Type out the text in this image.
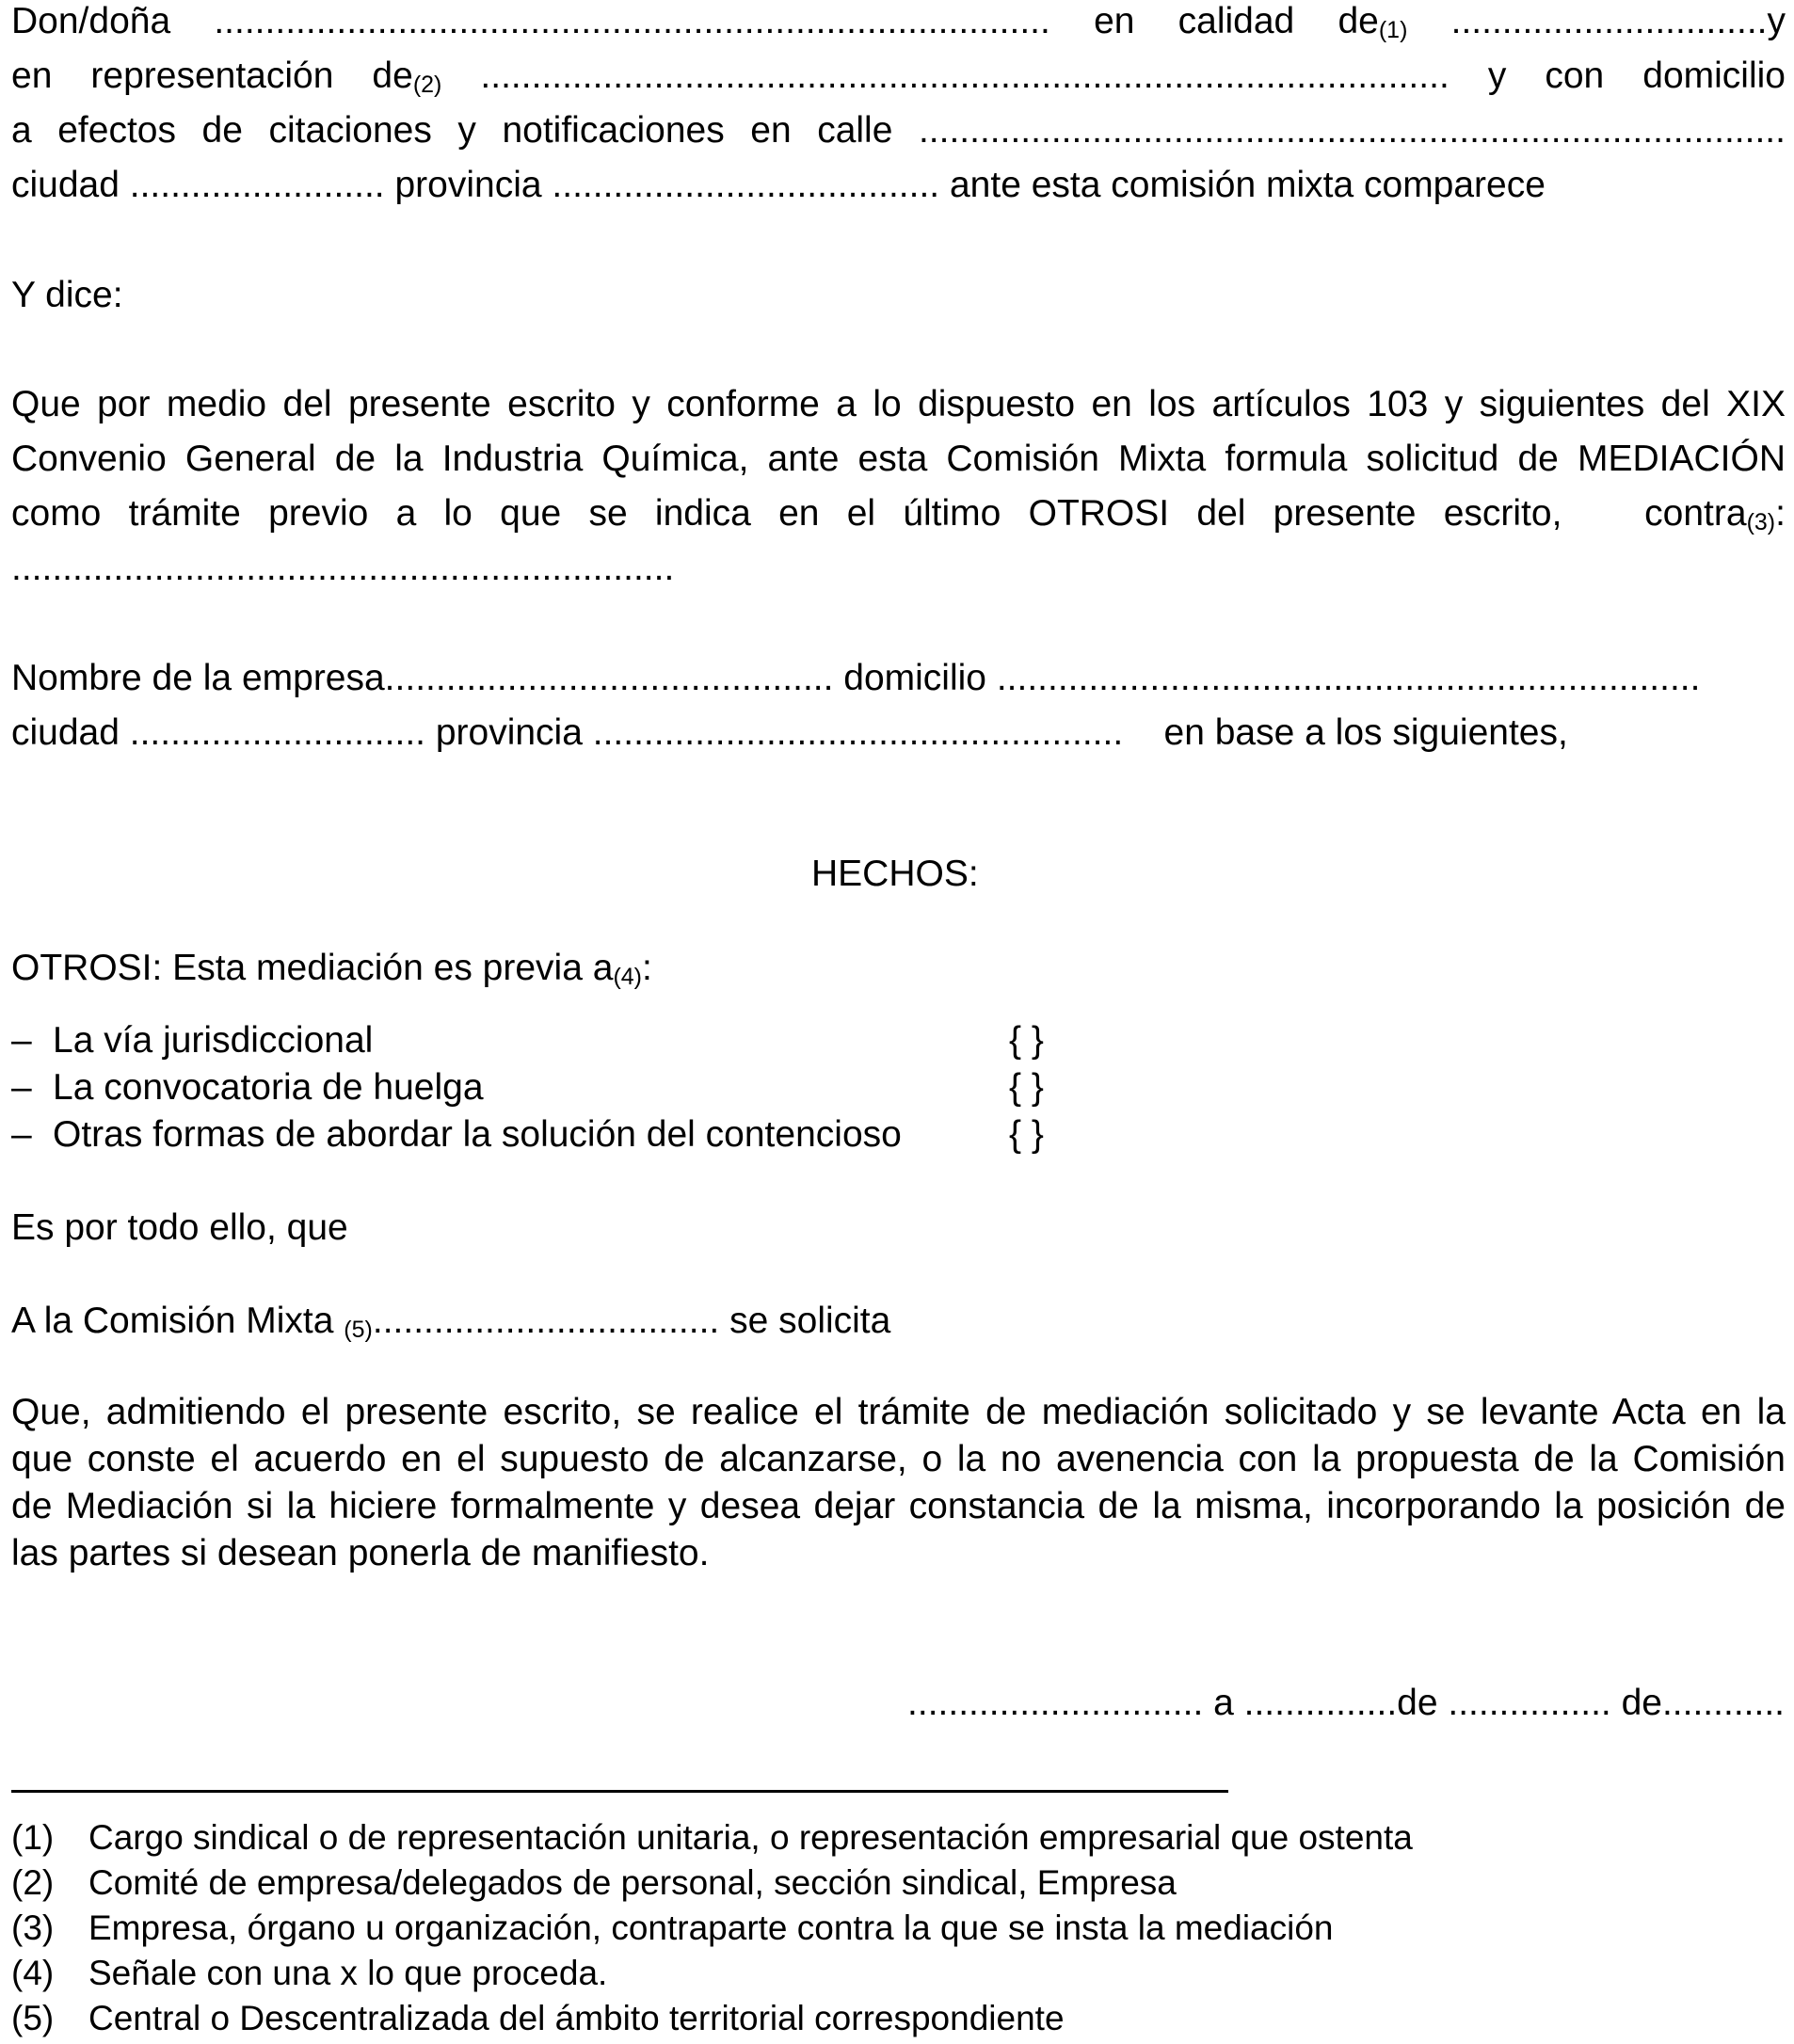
Don/doña .................................................................................. en calidad $de_{(1)}$ ...............................y
en representación $de_{(2)}$ ............................................................................................... y con domicilio
a efectos de citaciones y notificaciones en calle .....................................................................................
ciudad ......................... provincia ...................................... ante esta comisión mixta comparece
Y dice:
Que por medio del presente escrito y conforme a lo dispuesto en los artículos 103 y siguientes del XIX
Convenio General de la Industria Química, ante esta Comisión Mixta formula solicitud de MEDIACIÓN
como trámite previo a lo que se indica en el último OTROSI del presente escrito, contra$_{(3)}$:
.................................................................
Nombre de la empresa............................................ domicilio .....................................................................
ciudad ............................. provincia .................................................... en base a los siguientes,
HECHOS:
OTROSI: Esta mediación es previa $a_{(4)}$:
– La vía jurisdiccional	{ }
– La convocatoria de huelga	{ }
– Otras formas de abordar la solución del contencioso	{ }
Es por todo ello, que
A la Comisión Mixta $_{(5)}$.................................. se solicita
Que, admitiendo el presente escrito, se realice el trámite de mediación solicitado y se levante Acta en la
que conste el acuerdo en el supuesto de alcanzarse, o la no avenencia con la propuesta de la Comisión
de Mediación si la hiciere formalmente y desea dejar constancia de la misma, incorporando la posición de
las partes si desean ponerla de manifiesto.
............................. a ...............de ................ de............
(1) Cargo sindical o de representación unitaria, o representación empresarial que ostenta
(2) Comité de empresa/delegados de personal, sección sindical, Empresa
(3) Empresa, órgano u organización, contraparte contra la que se insta la mediación
(4) Señale con una x lo que proceda.
(5) Central o Descentralizada del ámbito territorial correspondiente
